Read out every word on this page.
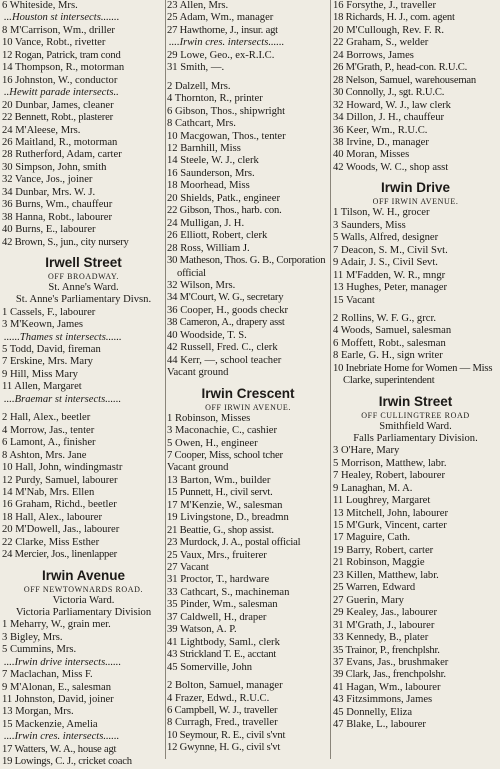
6 Whiteside, Mrs.
...Houston st intersects.......
8 M'Carrison, Wm., driller
10 Vance, Robt., rivetter
12 Rogan, Patrick, tram cond
14 Thompson, R., motorman
16 Johnston, W., conductor
..Hewitt parade intersects..
20 Dunbar, James, cleaner
22 Bennett, Robt., plasterer
24 M'Aleese, Mrs.
26 Maitland, R., motorman
28 Rutherford, Adam, carter
30 Simpson, John, smith
32 Vance, Jos., joiner
34 Dunbar, Mrs. W. J.
36 Burns, Wm., chauffeur
38 Hanna, Robt., labourer
40 Burns, E., labourer
42 Brown, S., jun., city nursery
Irwell Street
OFF BROADWAY.
St. Anne's Ward.
St. Anne's Parliamentary Divsn.
1 Cassels, F., labourer
3 M'Keown, James
......Thames st intersects......
5 Todd, David, fireman
7 Erskine, Mrs. Mary
9 Hill, Miss Mary
11 Allen, Margaret
....Braemar st intersects......
2 Hall, Alex., beetler
4 Morrow, Jas., tenter
6 Lamont, A., finisher
8 Ashton, Mrs. Jane
10 Hall, John, windingmastr
12 Purdy, Samuel, labourer
14 M'Nab, Mrs. Ellen
16 Graham, Richd., beetler
18 Hall, Alex., labourer
20 M'Dowell, Jas., labourer
22 Clarke, Miss Esther
24 Mercier, Jos., linenlapper
Irwin Avenue
OFF NEWTOWNARDS ROAD.
Victoria Ward.
Victoria Parliamentary Division
1 Meharry, W., grain mer.
3 Bigley, Mrs.
5 Cummins, Mrs.
....Irwin drive intersects......
7 Maclachan, Miss F.
9 M'Alonan, E., salesman
11 Johnston, David, joiner
13 Morgan, Mrs.
15 Mackenzie, Amelia
....Irwin cres. intersects......
17 Watters, W. A., house agt
19 Lowings, C. J., cricket coach
23 Allen, Mrs.
25 Adam, Wm., manager
27 Hawthorne, J., insur. agt
....Irwin cres. intersects......
29 Lowe, Geo., ex-R.I.C.
31 Smith, —.
2 Dalzell, Mrs.
4 Thornton, R., printer
6 Gibson, Thos., shipwright
8 Cathcart, Mrs.
10 Macgowan, Thos., tenter
12 Barnhill, Miss
14 Steele, W. J., clerk
16 Saunderson, Mrs.
18 Moorhead, Miss
20 Shields, Patk., engineer
22 Gibson, Thos., harb. con.
24 Mulligan, J. H.
26 Elliott, Robert, clerk
28 Ross, William J.
30 Matheson, Thos. G. B., Corporation official
32 Wilson, Mrs.
34 M'Court, W. G., secretary
36 Cooper, H., goods checkr
38 Cameron, A., drapery asst
40 Woodside, T. S.
42 Russell, Fred. C., clerk
44 Kerr, —, school teacher
Vacant ground
Irwin Crescent
OFF IRWIN AVENUE.
1 Robinson, Misses
3 Maconachie, C., cashier
5 Owen, H., engineer
7 Cooper, Miss, school tcher
Vacant ground
13 Barton, Wm., builder
15 Punnett, H., civil servt.
17 M'Kenzie, W., salesman
19 Livingstone, D., breadmn
21 Beattie, G., shop assist.
23 Murdock, J. A., postal official
25 Vaux, Mrs., fruiterer
27 Vacant
31 Proctor, T., hardware
33 Cathcart, S., machineman
35 Pinder, Wm., salesman
37 Caldwell, H., draper
39 Watson, A. P.
41 Lightbody, Saml., clerk
43 Strickland T. E., acctant
45 Somerville, John
2 Bolton, Samuel, manager
4 Frazer, Edwd., R.U.C.
6 Campbell, W. J., traveller
8 Curragh, Fred., traveller
10 Seymour, R. E., civil s'vnt
12 Gwynne, H. G., civil s'vt
16 Forsythe, J., traveller
18 Richards, H. J., com. agent
20 M'Cullough, Rev. F. R.
22 Graham, S., welder
24 Borrows, James
26 M'Grath, P., head-con. R.U.C.
28 Nelson, Samuel, warehouseman
30 Connolly, J., sgt. R.U.C.
32 Howard, W. J., law clerk
34 Dillon, J. H., chauffeur
36 Keer, Wm., R.U.C.
38 Irvine, D., manager
40 Moran, Misses
42 Woods, W. C., shop asst
Irwin Drive
OFF IRWIN AVENUE.
1 Tilson, W. H., grocer
3 Saunders, Miss
5 Walls, Alfred, designer
7 Deacon, S. M., Civil Svt.
9 Adair, J. S., Civil Sevt.
11 M'Fadden, W. R., mngr
13 Hughes, Peter, manager
15 Vacant
2 Rollins, W. F. G., grcr.
4 Woods, Samuel, salesman
6 Moffett, Robt., salesman
8 Earle, G. H., sign writer
10 Inebriate Home for Women — Miss Clarke, superintendent
Irwin Street
OFF CULLINGTREE ROAD
Smithfield Ward.
Falls Parliamentary Division.
3 O'Hare, Mary
5 Morrison, Matthew, labr.
7 Healey, Robert, labourer
9 Lanaghan, M. A.
11 Loughrey, Margaret
13 Mitchell, John, labourer
15 M'Gurk, Vincent, carter
17 Maguire, Cath.
19 Barry, Robert, carter
21 Robinson, Maggie
23 Killen, Matthew, labr.
25 Warren, Edward
27 Guerin, Mary
29 Kealey, Jas., labourer
31 M'Grath, J., labourer
33 Kennedy, B., plater
35 Trainor, P., frenchplshr.
37 Evans, Jas., brushmaker
39 Clark, Jas., frenchpolshr.
41 Hagan, Wm., labourer
43 Fitzsimmons, James
45 Donnelly, Eliza
47 Blake, L., labourer
